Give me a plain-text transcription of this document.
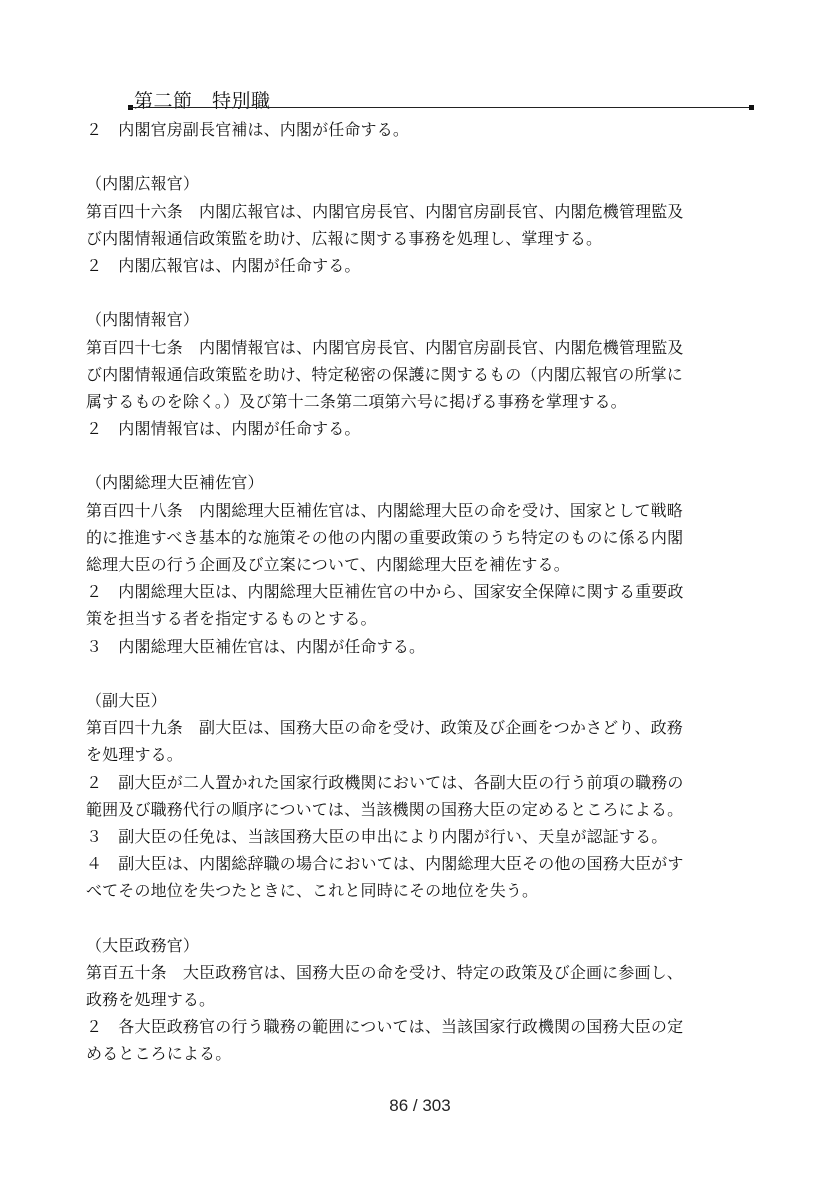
第二節　特別職
２　内閣官房副長官補は、内閣が任命する。
（内閣広報官）
第百四十六条　内閣広報官は、内閣官房長官、内閣官房副長官、内閣危機管理監及
び内閣情報通信政策監を助け、広報に関する事務を処理し、掌理する。
２　内閣広報官は、内閣が任命する。
（内閣情報官）
第百四十七条　内閣情報官は、内閣官房長官、内閣官房副長官、内閣危機管理監及
び内閣情報通信政策監を助け、特定秘密の保護に関するもの（内閣広報官の所掌に
属するものを除く。）及び第十二条第二項第六号に掲げる事務を掌理する。
２　内閣情報官は、内閣が任命する。
（内閣総理大臣補佐官）
第百四十八条　内閣総理大臣補佐官は、内閣総理大臣の命を受け、国家として戦略
的に推進すべき基本的な施策その他の内閣の重要政策のうち特定のものに係る内閣
総理大臣の行う企画及び立案について、内閣総理大臣を補佐する。
２　内閣総理大臣は、内閣総理大臣補佐官の中から、国家安全保障に関する重要政
策を担当する者を指定するものとする。
３　内閣総理大臣補佐官は、内閣が任命する。
（副大臣）
第百四十九条　副大臣は、国務大臣の命を受け、政策及び企画をつかさどり、政務
を処理する。
２　副大臣が二人置かれた国家行政機関においては、各副大臣の行う前項の職務の
範囲及び職務代行の順序については、当該機関の国務大臣の定めるところによる。
３　副大臣の任免は、当該国務大臣の申出により内閣が行い、天皇が認証する。
４　副大臣は、内閣総辞職の場合においては、内閣総理大臣その他の国務大臣がす
べてその地位を失つたときに、これと同時にその地位を失う。
（大臣政務官）
第百五十条　大臣政務官は、国務大臣の命を受け、特定の政策及び企画に参画し、
政務を処理する。
２　各大臣政務官の行う職務の範囲については、当該国家行政機関の国務大臣の定
めるところによる。
86 / 303
